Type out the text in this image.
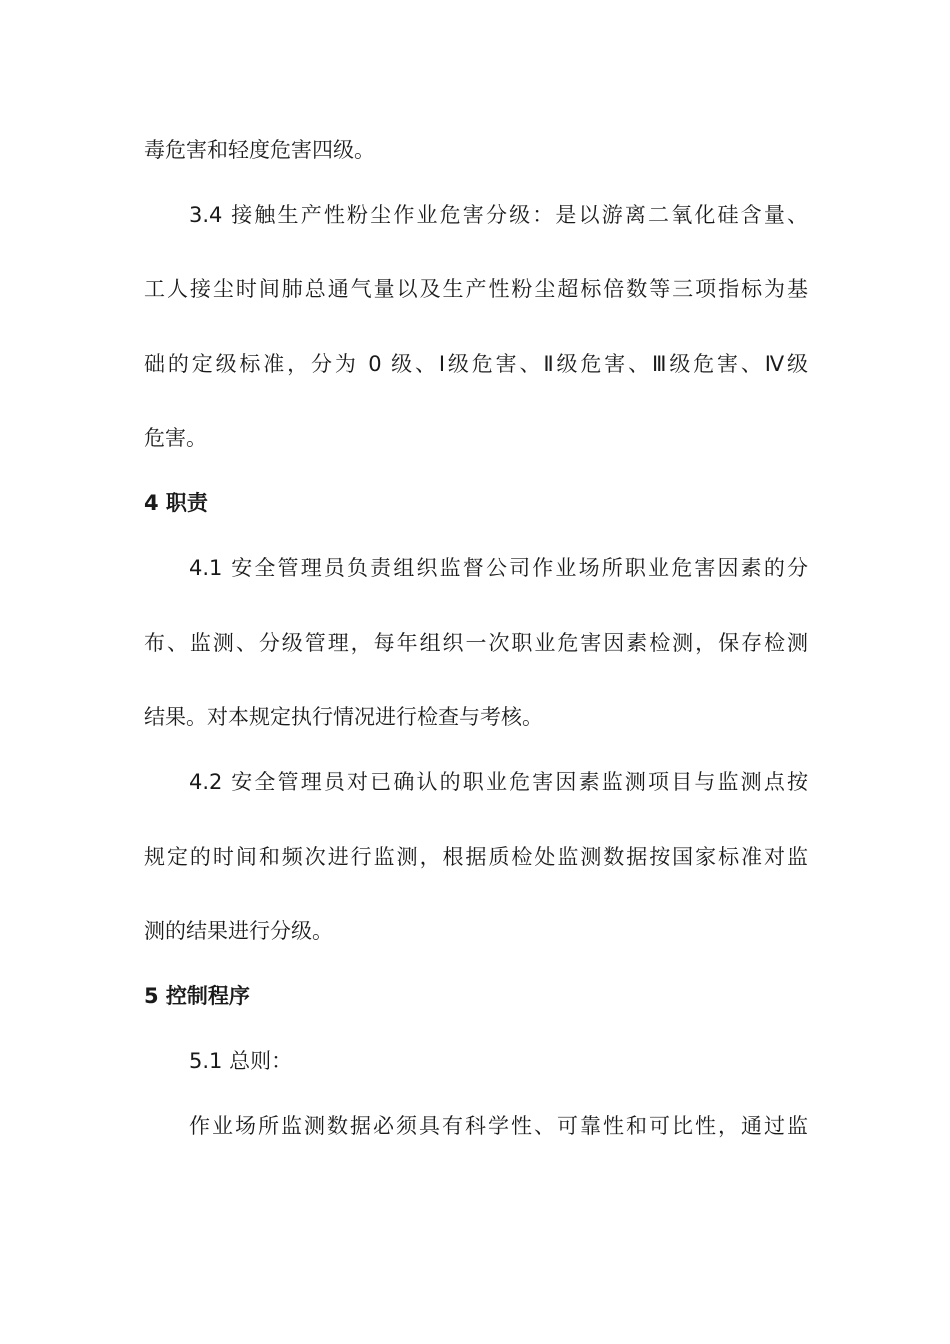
毒危害和轻度危害四级。
3.4 接触生产性粉尘作业危害分级：是以游离二氧化硅含量、
工人接尘时间肺总通气量以及生产性粉尘超标倍数等三项指标为基
础的定级标准，分为 0 级、Ⅰ级危害、Ⅱ级危害、Ⅲ级危害、Ⅳ级
危害。
4 职责
4.1 安全管理员负责组织监督公司作业场所职业危害因素的分
布、监测、分级管理，每年组织一次职业危害因素检测，保存检测
结果。对本规定执行情况进行检查与考核。
4.2 安全管理员对已确认的职业危害因素监测项目与监测点按
规定的时间和频次进行监测，根据质检处监测数据按国家标准对监
测的结果进行分级。
5 控制程序
5.1 总则：
作业场所监测数据必须具有科学性、可靠性和可比性，通过监
